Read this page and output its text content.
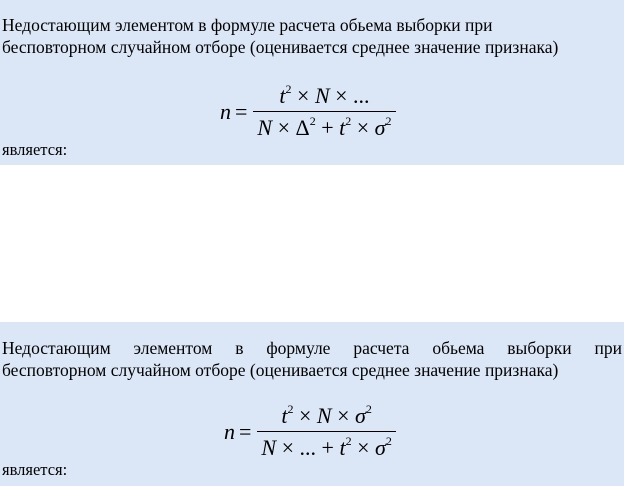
Недостающим элементом в формуле расчета обьема выборки при
бесповторном случайном отборе (оценивается среднее значение признака)
$n = \frac{t^2 \times N \times ...}{N \times \Delta^2 + t^2 \times \sigma^2}$
является:
Недостающим элементом в формуле расчета обьема выборки при
бесповторном случайном отборе (оценивается среднее значение признака)
$n = \frac{t^2 \times N \times \sigma^2}{N \times ... + t^2 \times \sigma^2}$
является:
